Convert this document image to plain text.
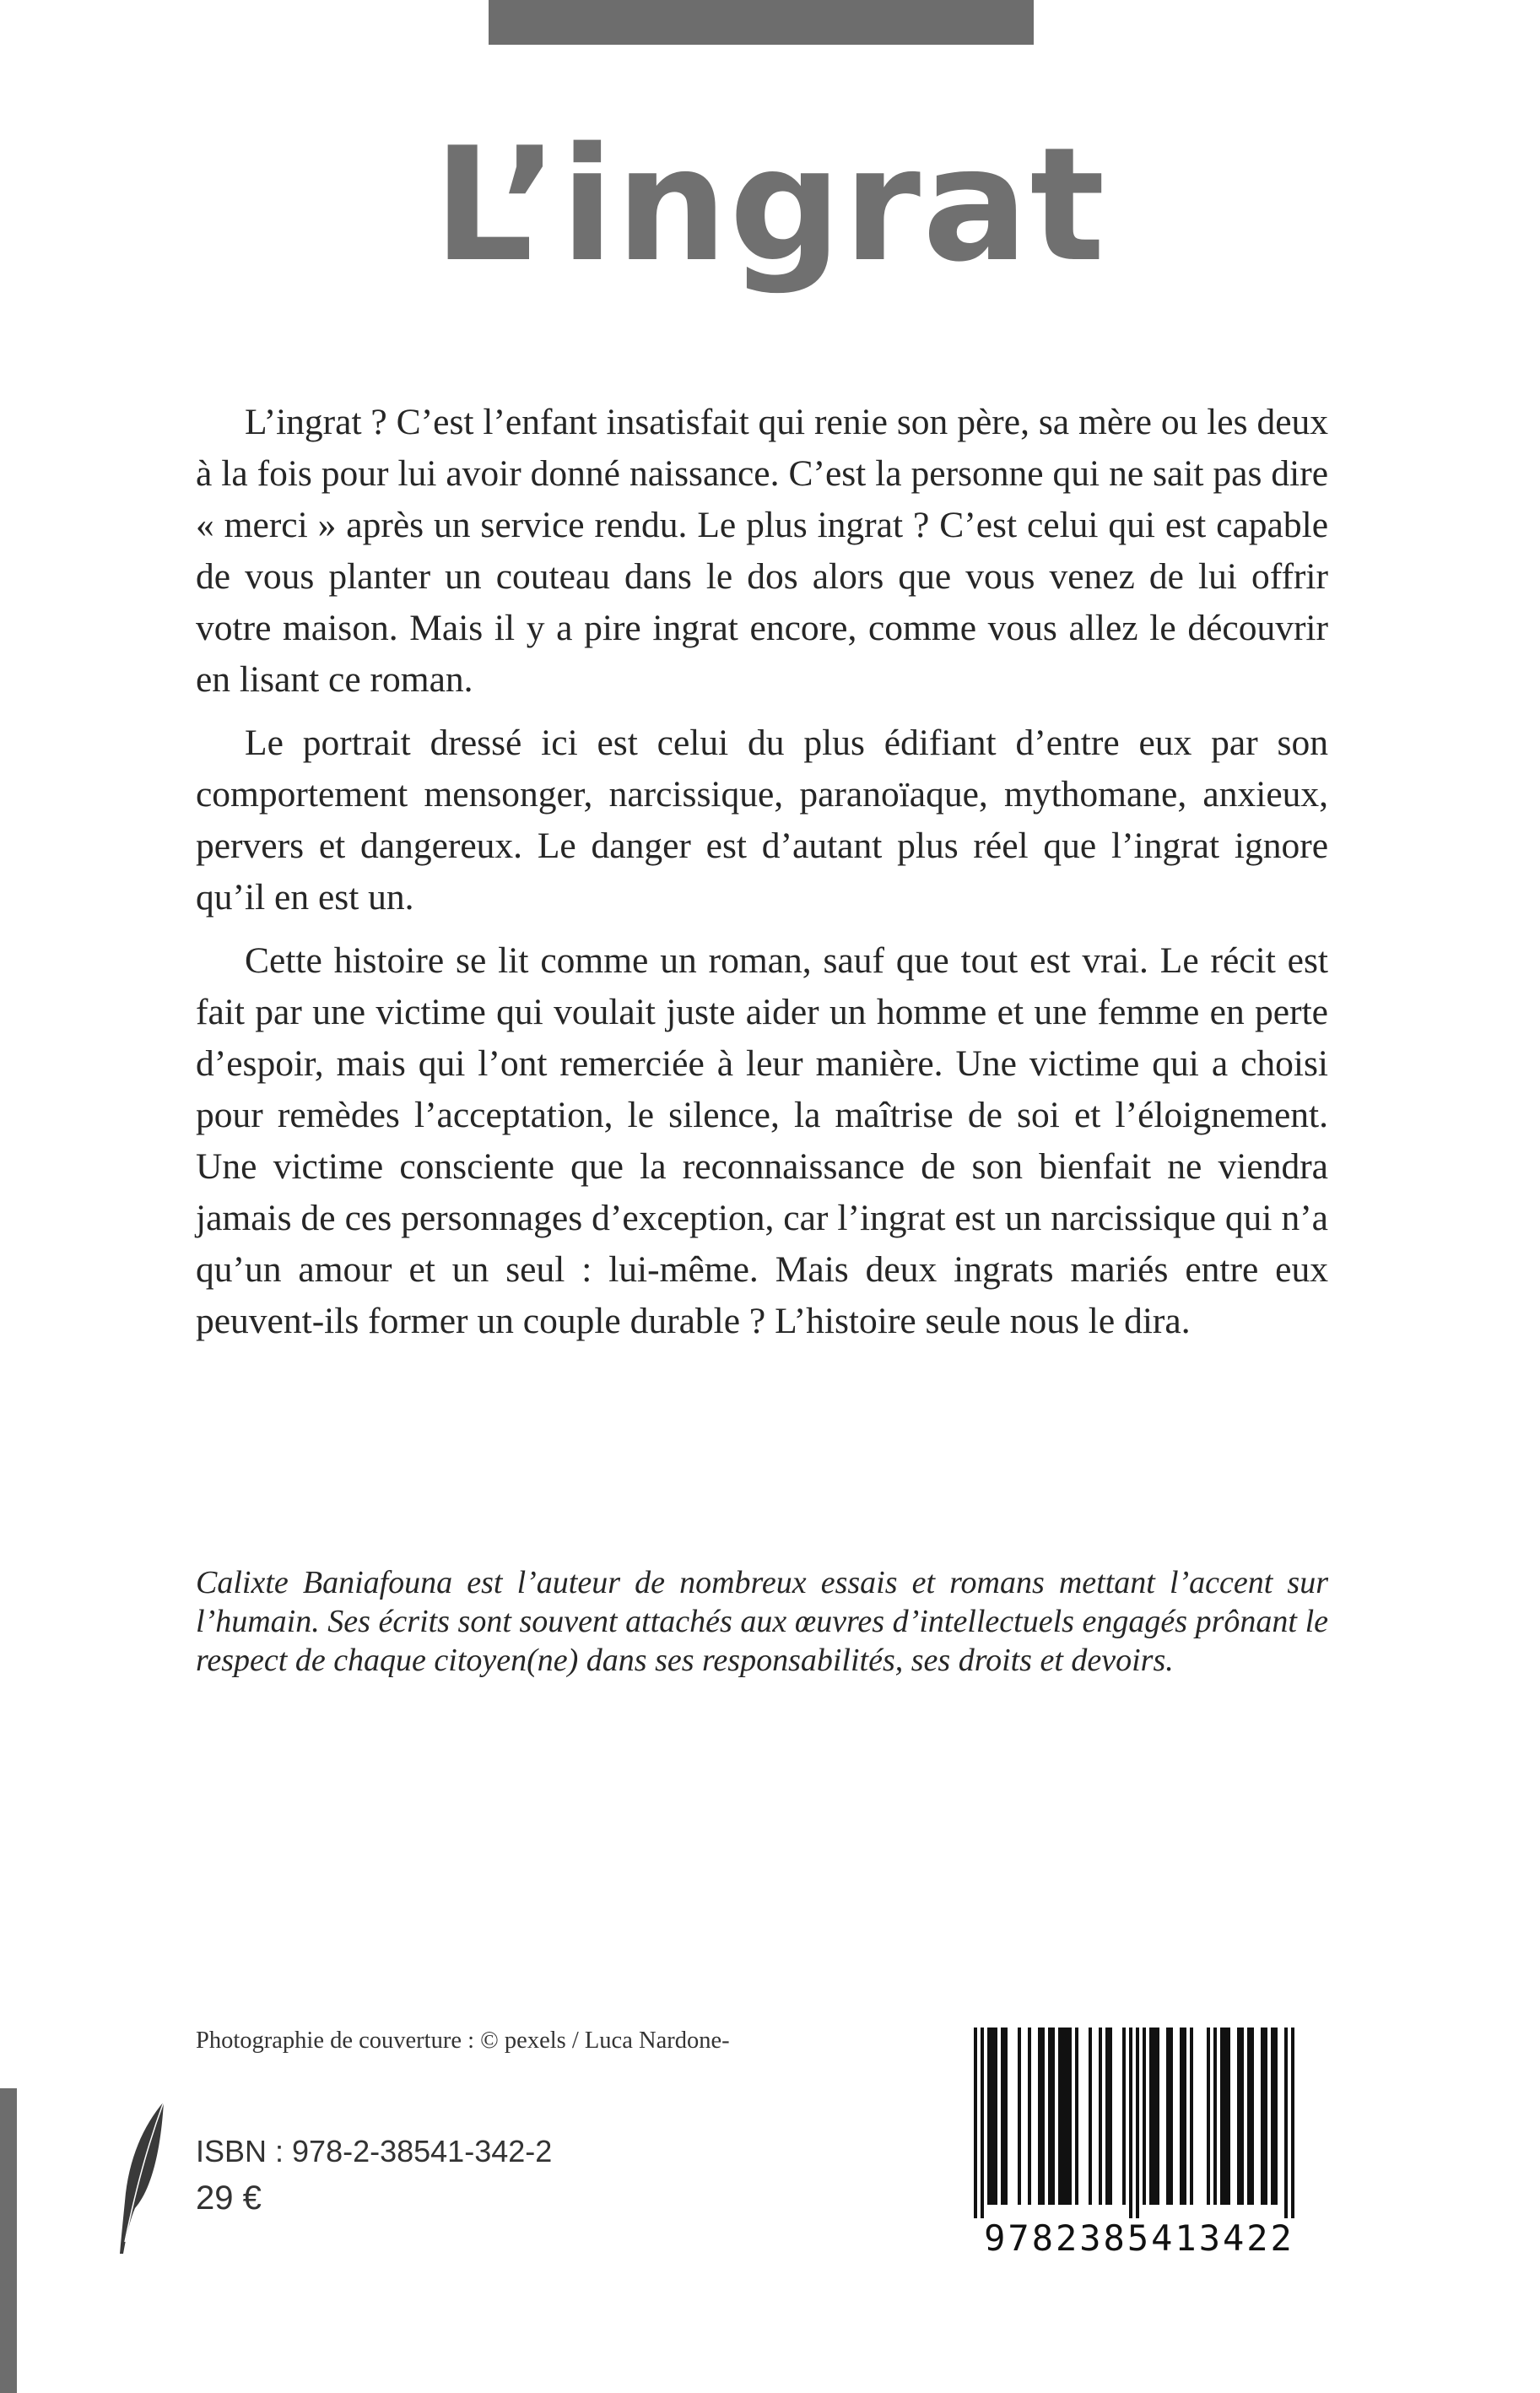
L’ingrat

L’ingrat ? C’est l’enfant insatisfait qui renie son père, sa mère ou les deux à la fois pour lui avoir donné naissance. C’est la personne qui ne sait pas dire « merci » après un service rendu. Le plus ingrat ? C’est celui qui est capable de vous planter un couteau dans le dos alors que vous venez de lui offrir votre maison. Mais il y a pire ingrat encore, comme vous allez le découvrir en lisant ce roman.

Le portrait dressé ici est celui du plus édifiant d’entre eux par son comportement mensonger, narcissique, paranoïaque, mythomane, anxieux, pervers et dangereux. Le danger est d’autant plus réel que l’ingrat ignore qu’il en est un.

Cette histoire se lit comme un roman, sauf que tout est vrai. Le récit est fait par une victime qui voulait juste aider un homme et une femme en perte d’espoir, mais qui l’ont remerciée à leur manière. Une victime qui a choisi pour remèdes l’acceptation, le silence, la maîtrise de soi et l’éloignement. Une victime consciente que la reconnaissance de son bienfait ne viendra jamais de ces personnages d’exception, car l’ingrat est un narcissique qui n’a qu’un amour et un seul : lui-même. Mais deux ingrats mariés entre eux peuvent-ils former un couple durable ? L’histoire seule nous le dira.

Calixte Baniafouna est l’auteur de nombreux essais et romans mettant l’accent sur l’humain. Ses écrits sont souvent attachés aux œuvres d’intellectuels engagés prônant le respect de chaque citoyen(ne) dans ses responsabilités, ses droits et devoirs.
Photographie de couverture : © pexels / Luca Nardone-
ISBN : 978-2-38541-342-2
29 €
9782385413422
